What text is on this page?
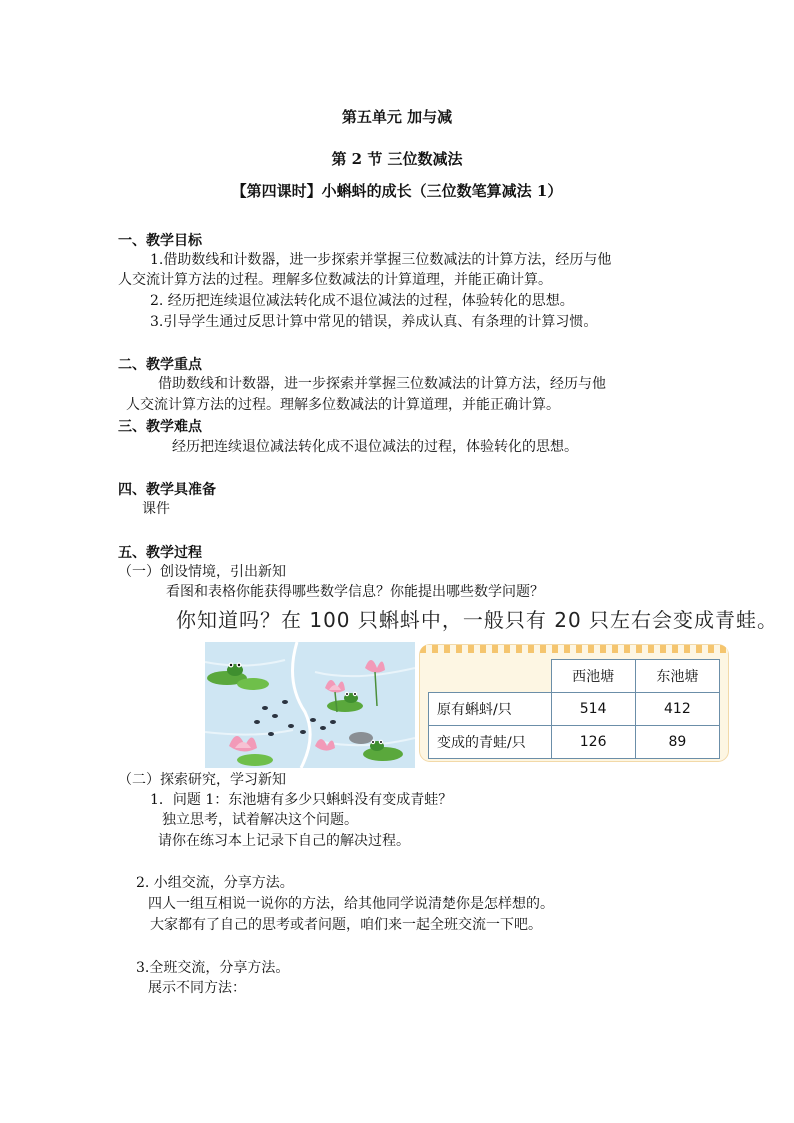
第五单元 加与减
第 2 节 三位数减法
【第四课时】小蝌蚪的成长（三位数笔算减法 1）
一、教学目标
1.借助数线和计数器，进一步探索并掌握三位数减法的计算方法，经历与他
人交流计算方法的过程。理解多位数减法的计算道理，并能正确计算。
2. 经历把连续退位减法转化成不退位减法的过程，体验转化的思想。
3.引导学生通过反思计算中常见的错误，养成认真、有条理的计算习惯。
二、教学重点
借助数线和计数器，进一步探索并掌握三位数减法的计算方法，经历与他
人交流计算方法的过程。理解多位数减法的计算道理，并能正确计算。
三、教学难点
经历把连续退位减法转化成不退位减法的过程，体验转化的思想。
四、教学具准备
课件
五、教学过程
（一）创设情境，引出新知
看图和表格你能获得哪些数学信息？你能提出哪些数学问题？
你知道吗？在 100 只蝌蚪中，一般只有 20 只左右会变成青蛙。
	西池塘	东池塘
原有蝌蚪/只	514	412
变成的青蛙/只	126	89
（二）探索研究，学习新知
1．问题 1：东池塘有多少只蝌蚪没有变成青蛙？
独立思考，试着解决这个问题。
请你在练习本上记录下自己的解决过程。
2. 小组交流，分享方法。
四人一组互相说一说你的方法，给其他同学说清楚你是怎样想的。
大家都有了自己的思考或者问题，咱们来一起全班交流一下吧。
3.全班交流，分享方法。
展示不同方法：
